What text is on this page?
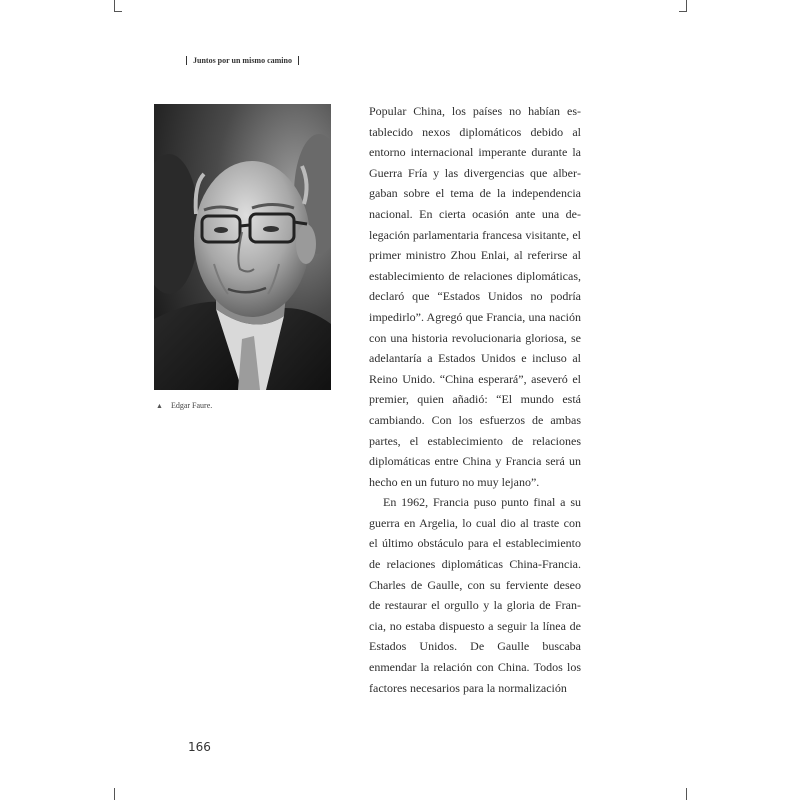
Juntos por un mismo camino
▲ Edgar Faure.

Popular China, los países no habían establecido nexos diplomáticos debido al entorno internacional imperante durante la Guerra Fría y las divergencias que albergaban sobre el tema de la independencia nacional. En cierta ocasión ante una delegación parlamentaria francesa visitante, el primer ministro Zhou Enlai, al referirse al establecimiento de relaciones diplomáticas, declaró que “Estados Unidos no podría impedirlo”. Agregó que Francia, una nación con una historia revolucionaria gloriosa, se adelantaría a Estados Unidos e incluso al Reino Unido. “China esperará”, aseveró el premier, quien añadió: “El mundo está cambiando. Con los esfuerzos de ambas partes, el establecimiento de relaciones diplomáticas entre China y Francia será un hecho en un futuro no muy lejano”.

En 1962, Francia puso punto final a su guerra en Argelia, lo cual dio al traste con el último obstáculo para el establecimiento de relaciones diplomáticas China-Francia. Charles de Gaulle, con su ferviente deseo de restaurar el orgullo y la gloria de Francia, no estaba dispuesto a seguir la línea de Estados Unidos. De Gaulle buscaba enmendar la relación con China. Todos los factores necesarios para la normalización

166
